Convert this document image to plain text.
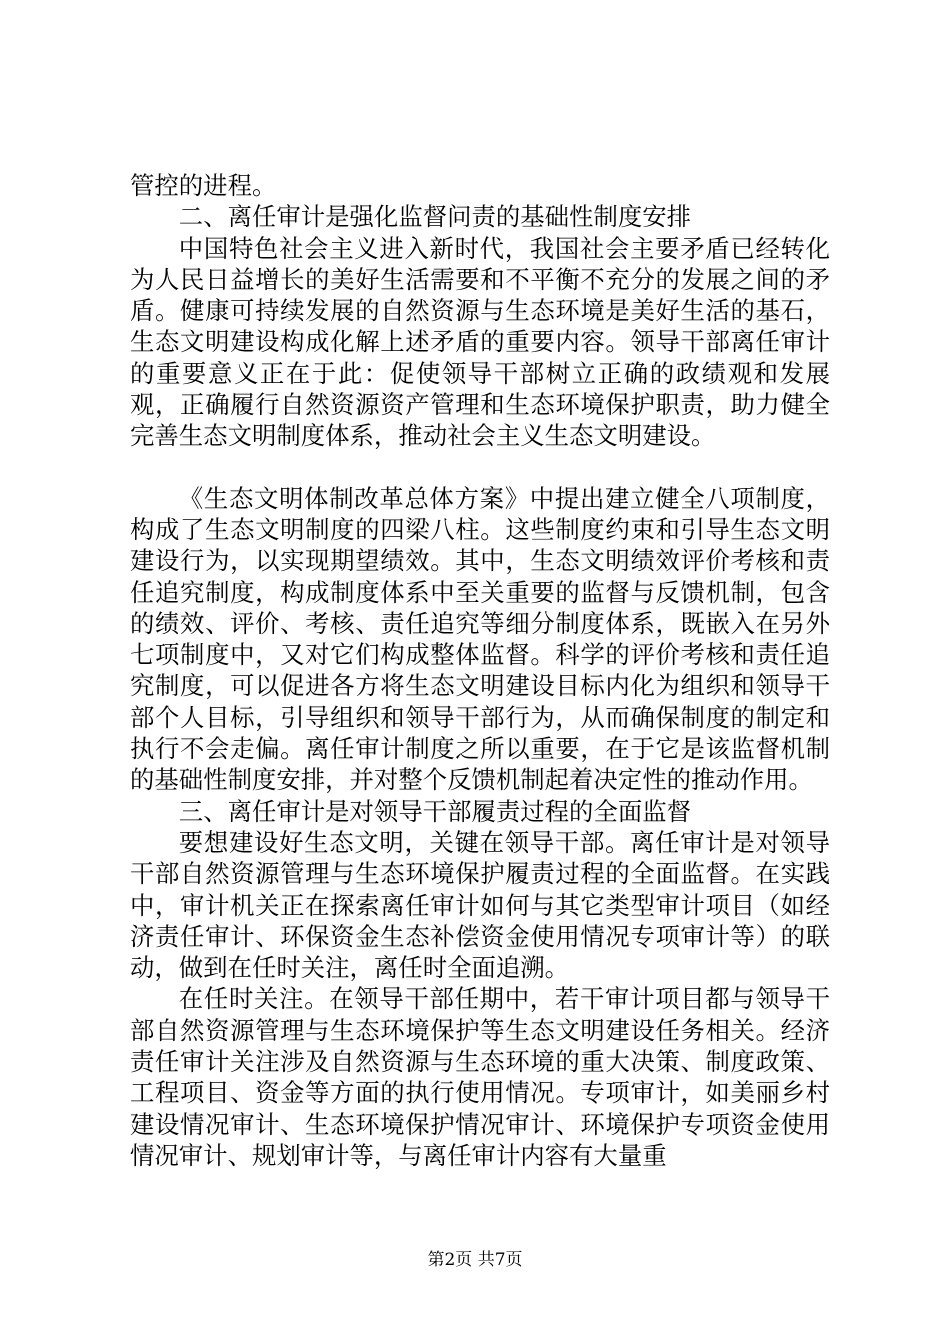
管控的进程。

二、离任审计是强化监督问责的基础性制度安排

中国特色社会主义进入新时代，我国社会主要矛盾已经转化为人民日益增长的美好生活需要和不平衡不充分的发展之间的矛盾。健康可持续发展的自然资源与生态环境是美好生活的基石，生态文明建设构成化解上述矛盾的重要内容。领导干部离任审计的重要意义正在于此：促使领导干部树立正确的政绩观和发展观，正确履行自然资源资产管理和生态环境保护职责，助力健全完善生态文明制度体系，推动社会主义生态文明建设。

《生态文明体制改革总体方案》中提出建立健全八项制度，构成了生态文明制度的四梁八柱。这些制度约束和引导生态文明建设行为，以实现期望绩效。其中，生态文明绩效评价考核和责任追究制度，构成制度体系中至关重要的监督与反馈机制，包含的绩效、评价、考核、责任追究等细分制度体系，既嵌入在另外七项制度中，又对它们构成整体监督。科学的评价考核和责任追究制度，可以促进各方将生态文明建设目标内化为组织和领导干部个人目标，引导组织和领导干部行为，从而确保制度的制定和执行不会走偏。离任审计制度之所以重要，在于它是该监督机制的基础性制度安排，并对整个反馈机制起着决定性的推动作用。

三、离任审计是对领导干部履责过程的全面监督

要想建设好生态文明，关键在领导干部。离任审计是对领导干部自然资源管理与生态环境保护履责过程的全面监督。在实践中，审计机关正在探索离任审计如何与其它类型审计项目（如经济责任审计、环保资金生态补偿资金使用情况专项审计等）的联动，做到在任时关注，离任时全面追溯。

在任时关注。在领导干部任期中，若干审计项目都与领导干部自然资源管理与生态环境保护等生态文明建设任务相关。经济责任审计关注涉及自然资源与生态环境的重大决策、制度政策、工程项目、资金等方面的执行使用情况。专项审计，如美丽乡村建设情况审计、生态环境保护情况审计、环境保护专项资金使用情况审计、规划审计等，与离任审计内容有大量重

第2页 共7页
